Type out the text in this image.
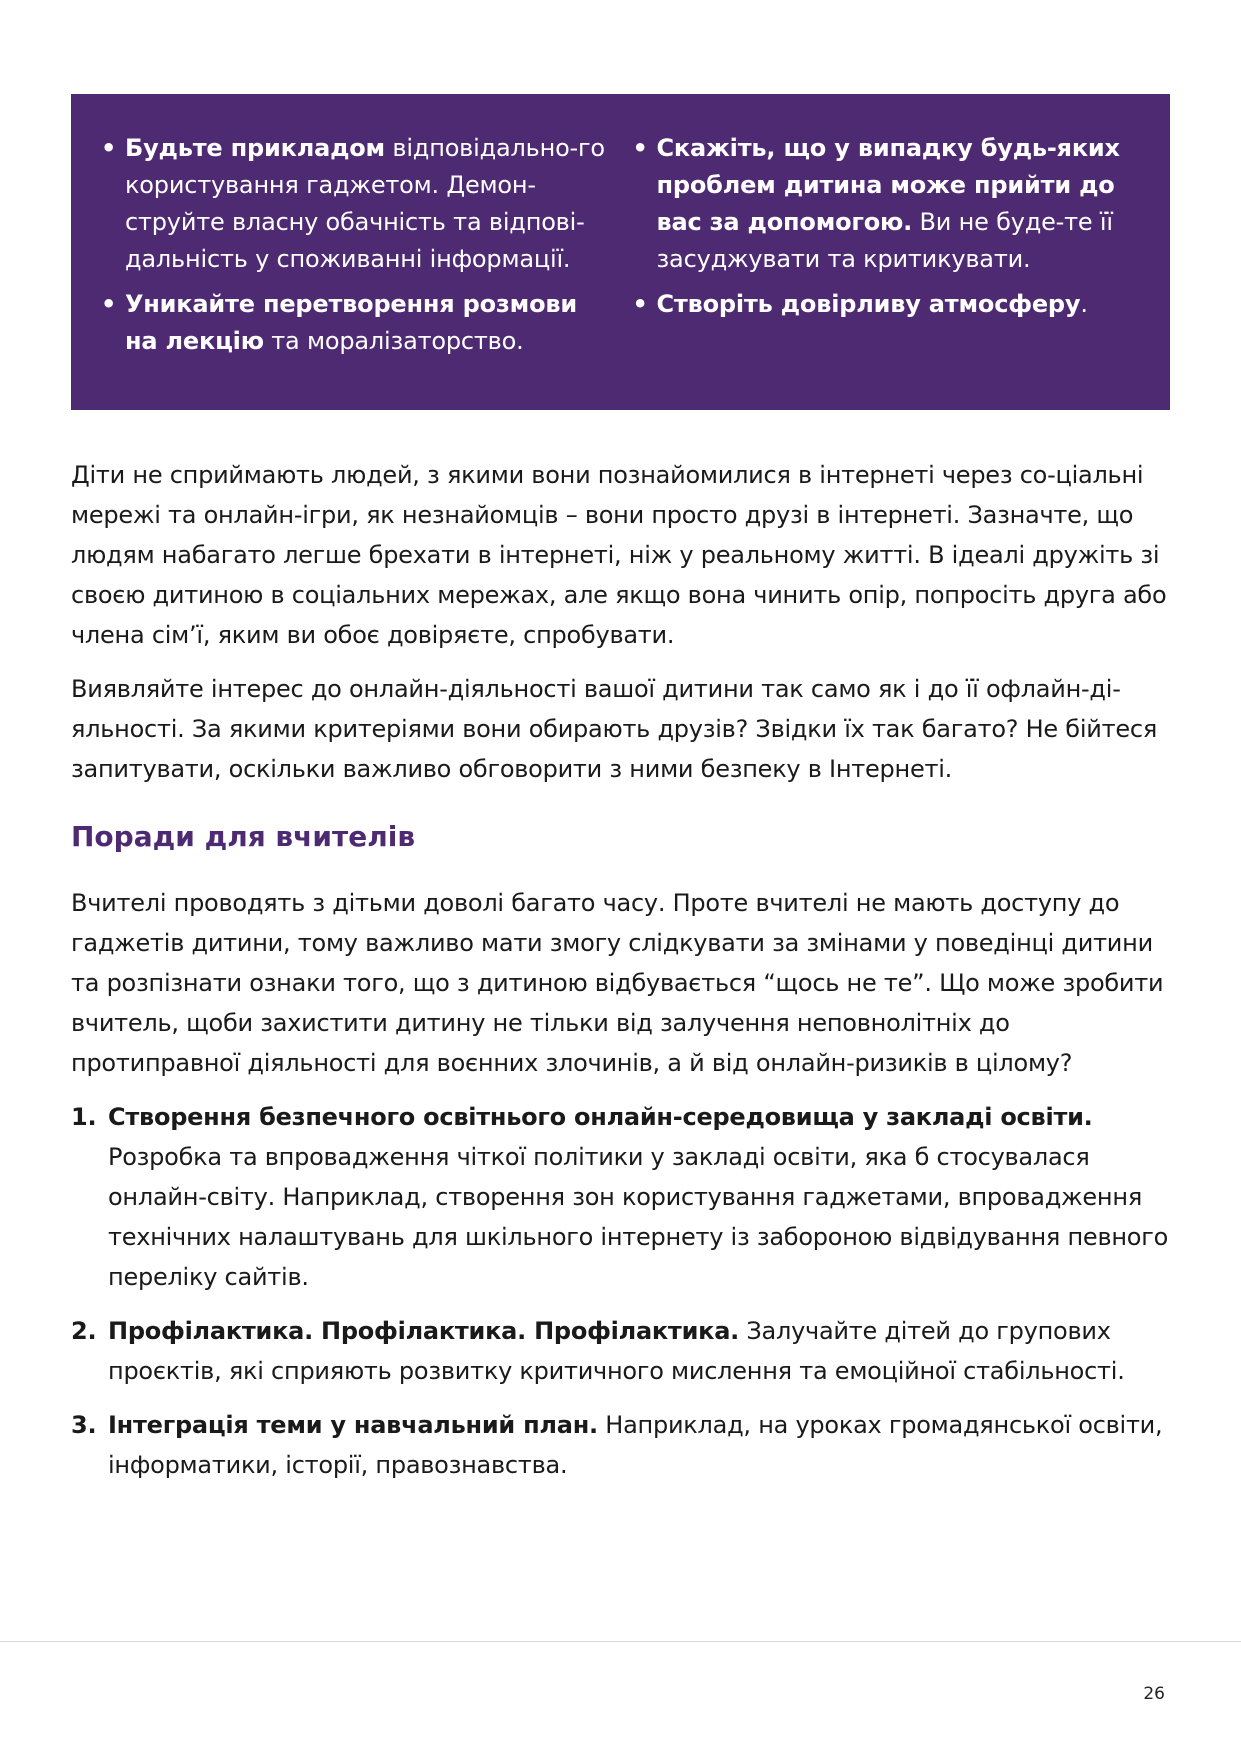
• Будьте прикладом відповідально-го користування гаджетом. Демон-струйте власну обачність та відпові-дальність у споживанні інформації.
• Уникайте перетворення розмови на лекцію та моралізаторство.
• Скажіть, що у випадку будь-яких проблем дитина може прийти до вас за допомогою. Ви не буде-те її засуджувати та критикувати.
• Створіть довірливу атмосферу.

Діти не сприймають людей, з якими вони познайомилися в інтернеті через со-ціальні мережі та онлайн-ігри, як незнайомців – вони просто друзі в інтернеті. Зазначте, що людям набагато легше брехати в інтернеті, ніж у реальному житті. В ідеалі дружіть зі своєю дитиною в соціальних мережах, але якщо вона чинить опір, попросіть друга або члена сім’ї, яким ви обоє довіряєте, спробувати.

Виявляйте інтерес до онлайн-діяльності вашої дитини так само як і до її офлайн-ді-яльності. За якими критеріями вони обирають друзів? Звідки їх так багато? Не бійтеся запитувати, оскільки важливо обговорити з ними безпеку в Інтернеті.

Поради для вчителів

Вчителі проводять з дітьми доволі багато часу. Проте вчителі не мають доступу до гаджетів дитини, тому важливо мати змогу слідкувати за змінами у поведінці дитини та розпізнати ознаки того, що з дитиною відбувається “щось не те”. Що може зробити вчитель, щоби захистити дитину не тільки від залучення неповнолітніх до протиправної діяльності для воєнних злочинів, а й від онлайн-ризиків в цілому?

1. Створення безпечного освітнього онлайн-середовища у закладі освіти. Розробка та впровадження чіткої політики у закладі освіти, яка б стосувалася онлайн-світу. Наприклад, створення зон користування гаджетами, впровадження технічних налаштувань для шкільного інтернету із забороною відвідування певного переліку сайтів.
2. Профілактика. Профілактика. Профілактика. Залучайте дітей до групових проєктів, які сприяють розвитку критичного мислення та емоційної стабільності.
3. Інтеграція теми у навчальний план. Наприклад, на уроках громадянської освіти, інформатики, історії, правознавства.
26
